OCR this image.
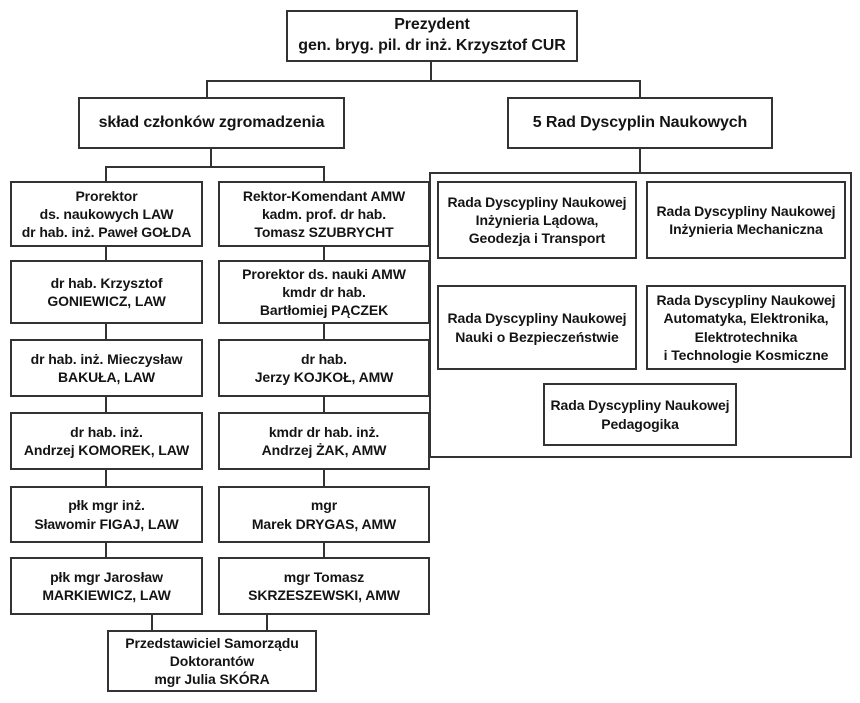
Prezydent
gen. bryg. pil. dr inż. Krzysztof CUR
skład członków zgromadzenia	5 Rad Dyscyplin Naukowych
Prorektor
ds. naukowych LAW
dr hab. inż. Paweł GOŁDA
dr hab. Krzysztof
GONIEWICZ, LAW
dr hab. inż. Mieczysław
BAKUŁA, LAW
dr hab. inż.
Andrzej KOMOREK, LAW
płk mgr inż.
Sławomir FIGAJ, LAW
płk mgr Jarosław
MARKIEWICZ, LAW
Rektor-Komendant AMW
kadm. prof. dr hab.
Tomasz SZUBRYCHT
Prorektor ds. nauki AMW
kmdr dr hab.
Bartłomiej PĄCZEK
dr hab.
Jerzy KOJKOŁ, AMW
kmdr dr hab. inż.
Andrzej ŻAK, AMW
mgr
Marek DRYGAS, AMW
mgr Tomasz
SKRZESZEWSKI, AMW
Przedstawiciel Samorządu
Doktorantów
mgr Julia SKÓRA
Rada Dyscypliny Naukowej
Inżynieria Lądowa,
Geodezja i Transport
Rada Dyscypliny Naukowej
Inżynieria Mechaniczna
Rada Dyscypliny Naukowej
Nauki o Bezpieczeństwie
Rada Dyscypliny Naukowej
Automatyka, Elektronika,
Elektrotechnika
i Technologie Kosmiczne
Rada Dyscypliny Naukowej
Pedagogika
